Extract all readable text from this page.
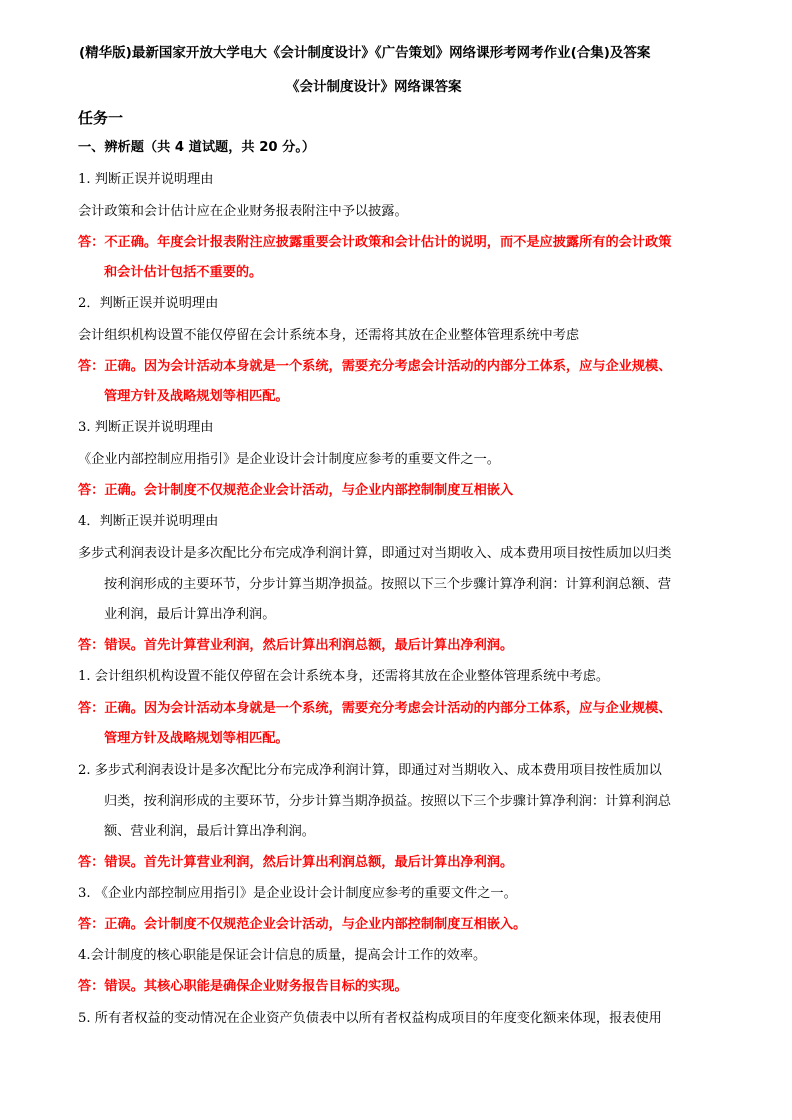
(精华版)最新国家开放大学电大《会计制度设计》《广告策划》网络课形考网考作业(合集)及答案
《会计制度设计》网络课答案
任务一
一、辨析题（共 4 道试题，共 20 分。）
1. 判断正误并说明理由
会计政策和会计估计应在企业财务报表附注中予以披露。
答：不正确。年度会计报表附注应披露重要会计政策和会计估计的说明，而不是应披露所有的会计政策
和会计估计包括不重要的。
2．判断正误并说明理由
会计组织机构设置不能仅停留在会计系统本身，还需将其放在企业整体管理系统中考虑
答：正确。因为会计活动本身就是一个系统，需要充分考虑会计活动的内部分工体系，应与企业规模、
管理方针及战略规划等相匹配。
3. 判断正误并说明理由
《企业内部控制应用指引》是企业设计会计制度应参考的重要文件之一。
答：正确。会计制度不仅规范企业会计活动，与企业内部控制制度互相嵌入
4．判断正误并说明理由
多步式利润表设计是多次配比分布完成净利润计算，即通过对当期收入、成本费用项目按性质加以归类
按利润形成的主要环节，分步计算当期净损益。按照以下三个步骤计算净利润：计算利润总额、营
业利润，最后计算出净利润。
答：错误。首先计算营业利润，然后计算出利润总额，最后计算出净利润。
1. 会计组织机构设置不能仅停留在会计系统本身，还需将其放在企业整体管理系统中考虑。
答：正确。因为会计活动本身就是一个系统，需要充分考虑会计活动的内部分工体系，应与企业规模、
管理方针及战略规划等相匹配。
2. 多步式利润表设计是多次配比分布完成净利润计算，即通过对当期收入、成本费用项目按性质加以
归类，按利润形成的主要环节，分步计算当期净损益。按照以下三个步骤计算净利润：计算利润总
额、营业利润，最后计算出净利润。
答：错误。首先计算营业利润，然后计算出利润总额，最后计算出净利润。
3. 《企业内部控制应用指引》是企业设计会计制度应参考的重要文件之一。
答：正确。会计制度不仅规范企业会计活动，与企业内部控制制度互相嵌入。
4.会计制度的核心职能是保证会计信息的质量，提高会计工作的效率。
答：错误。其核心职能是确保企业财务报告目标的实现。
5. 所有者权益的变动情况在企业资产负债表中以所有者权益构成项目的年度变化额来体现，报表使用
